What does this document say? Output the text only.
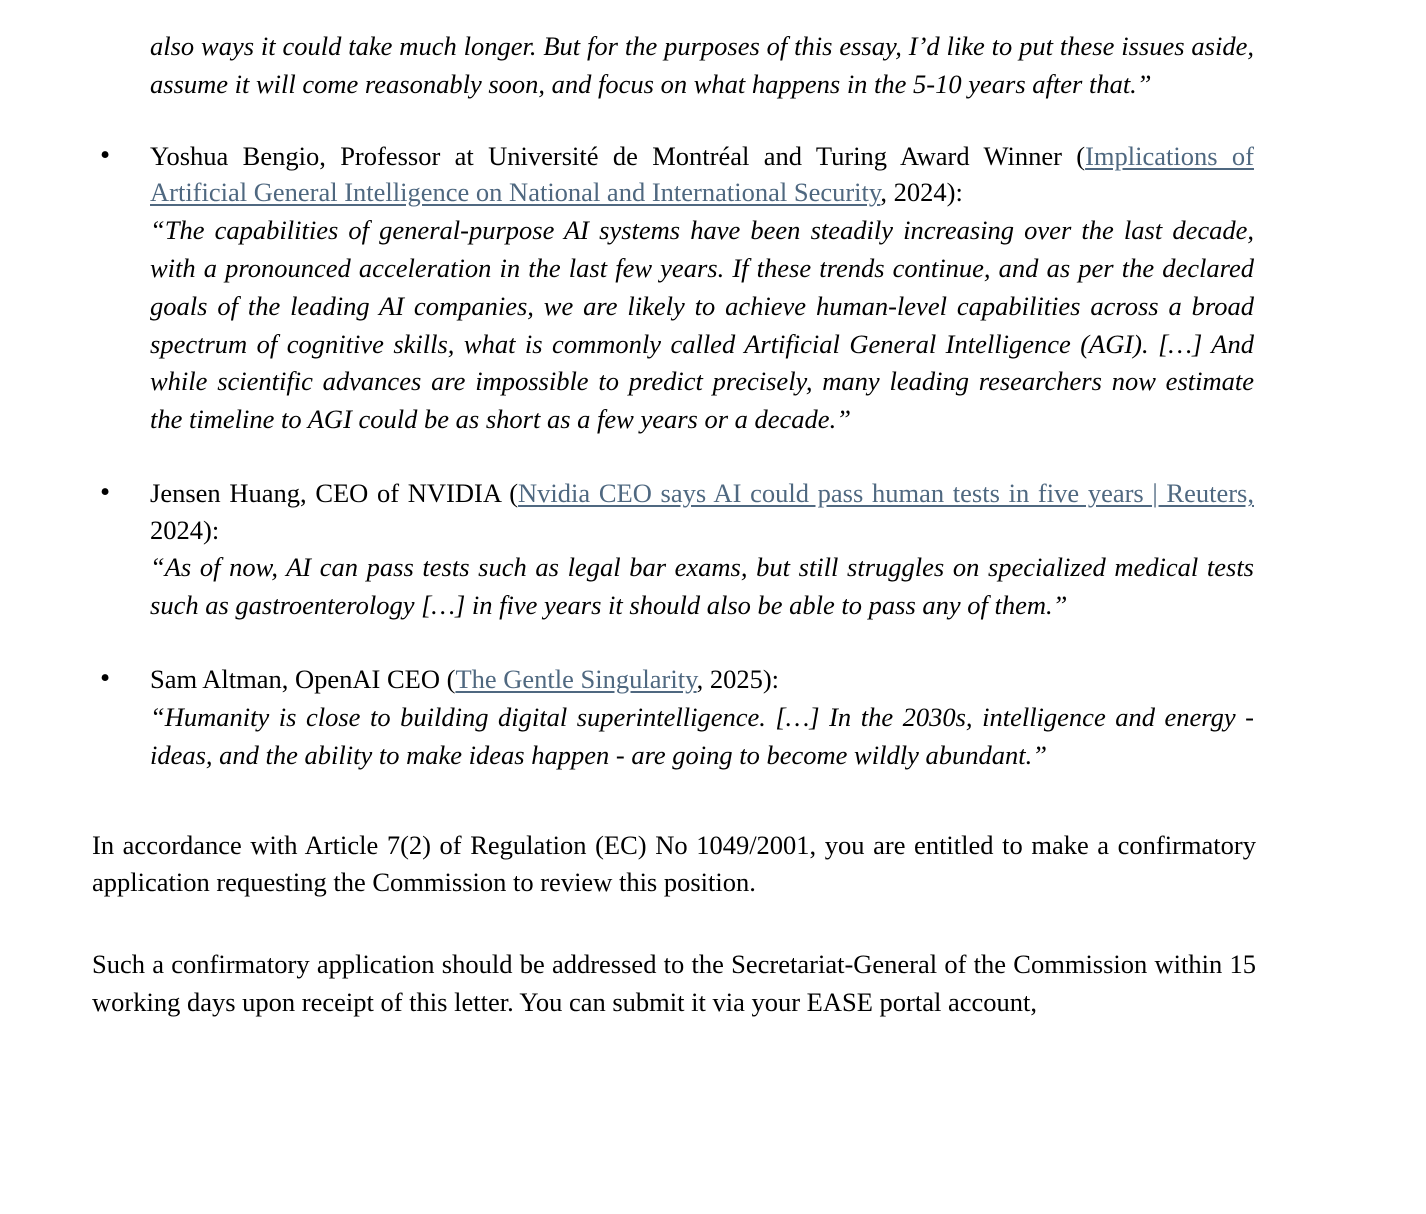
also ways it could take much longer. But for the purposes of this essay, I’d like to put these issues aside, assume it will come reasonably soon, and focus on what happens in the 5-10 years after that.”

• Yoshua Bengio, Professor at Université de Montréal and Turing Award Winner (Implications of Artificial General Intelligence on National and International Security, 2024):
“The capabilities of general-purpose AI systems have been steadily increasing over the last decade, with a pronounced acceleration in the last few years. If these trends continue, and as per the declared goals of the leading AI companies, we are likely to achieve human-level capabilities across a broad spectrum of cognitive skills, what is commonly called Artificial General Intelligence (AGI). […] And while scientific advances are impossible to predict precisely, many leading researchers now estimate the timeline to AGI could be as short as a few years or a decade.”
• Jensen Huang, CEO of NVIDIA (Nvidia CEO says AI could pass human tests in five years | Reuters, 2024):
“As of now, AI can pass tests such as legal bar exams, but still struggles on specialized medical tests such as gastroenterology […] in five years it should also be able to pass any of them.”
• Sam Altman, OpenAI CEO (The Gentle Singularity, 2025):
“Humanity is close to building digital superintelligence. […] In the 2030s, intelligence and energy - ideas, and the ability to make ideas happen - are going to become wildly abundant.”

In accordance with Article 7(2) of Regulation (EC) No 1049/2001, you are entitled to make a confirmatory application requesting the Commission to review this position.

Such a confirmatory application should be addressed to the Secretariat-General of the Commission within 15 working days upon receipt of this letter. You can submit it via your EASE portal account,
